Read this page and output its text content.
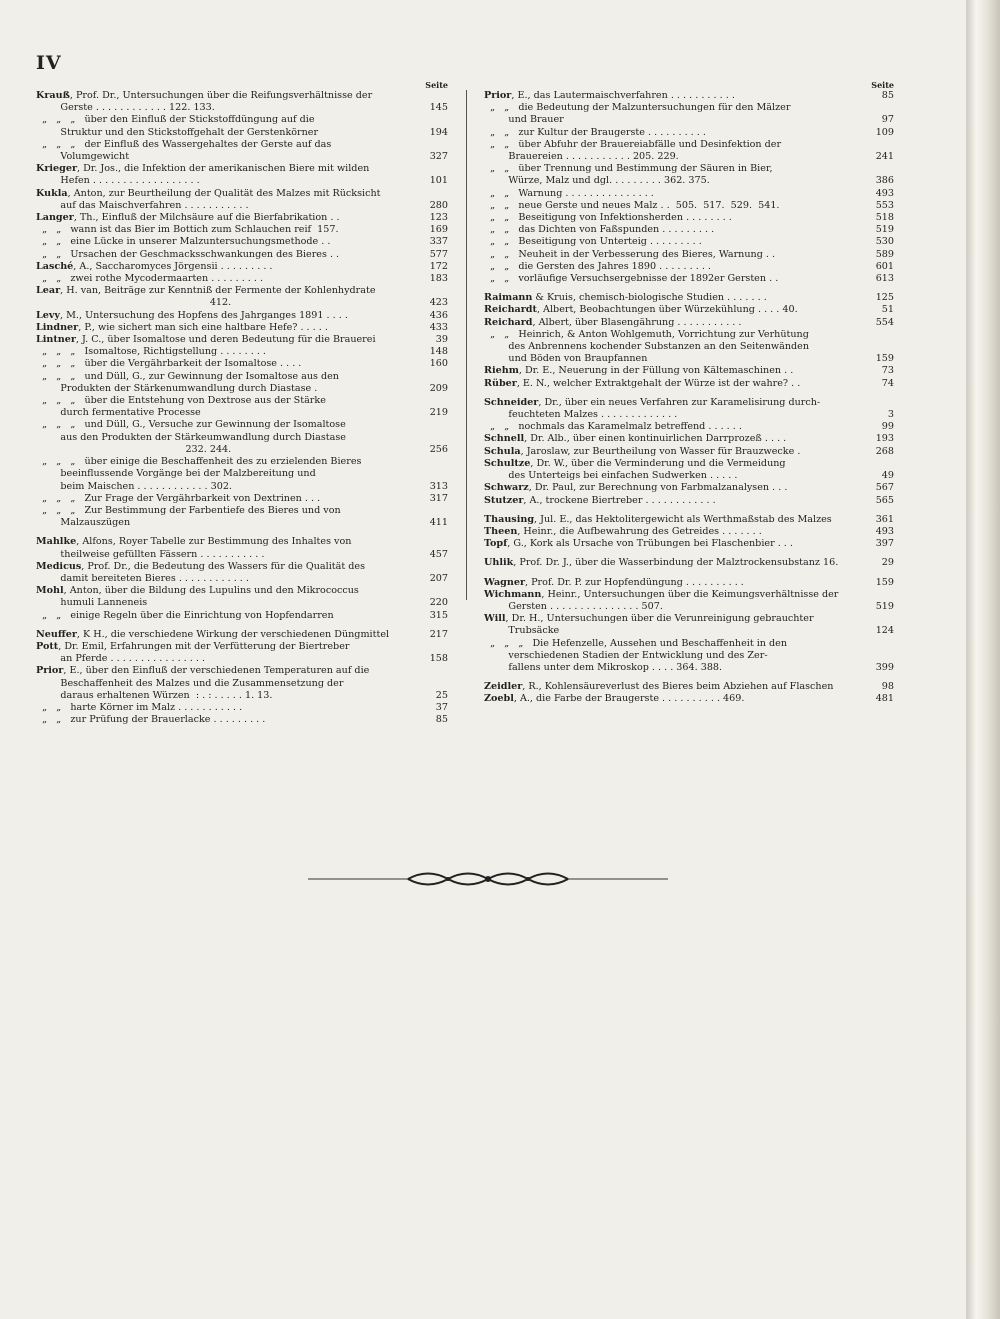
IV
Seite
Krauß, Prof. Dr., Untersuchungen über die Reifungsverhältnisse der
Gerste . . . . . . . . . . . . 122. 133.	145
„   „   „   über den Einfluß der Stickstoffdüngung auf die
Struktur und den Stickstoffgehalt der Gerstenkörner	194
„   „   „   der Einfluß des Wassergehaltes der Gerste auf das
Volumgewicht	327
Krieger, Dr. Jos., die Infektion der amerikanischen Biere mit wilden
Hefen . . . . . . . . . . . . . . . . . .	101
Kukla, Anton, zur Beurtheilung der Qualität des Malzes mit Rücksicht
auf das Maischverfahren . . . . . . . . . . .	280
Langer, Th., Einfluß der Milchsäure auf die Bierfabrikation . .	123
„   „   wann ist das Bier im Bottich zum Schlauchen reif  157.	169
„   „   eine Lücke in unserer Malzuntersuchungsmethode . .	337
„   „   Ursachen der Geschmacksschwankungen des Bieres . .	577
Lasché, A., Saccharomyces Jörgensii . . . . . . . . .	172
„   „   zwei rothe Mycodermaarten . . . . . . . . .	183
Lear, H. van, Beiträge zur Kenntniß der Fermente der Kohlenhydrate
412.	423
Levy, M., Untersuchung des Hopfens des Jahrganges 1891 . . . .	436
Lindner, P., wie sichert man sich eine haltbare Hefe? . . . . .	433
Lintner, J. C., über Isomaltose und deren Bedeutung für die Brauerei	39
„   „   „   Isomaltose, Richtigstellung . . . . . . . .	148
„   „   „   über die Vergährbarkeit der Isomaltose . . . .	160
„   „   „   und Düll, G., zur Gewinnung der Isomaltose aus den
Produkten der Stärkenumwandlung durch Diastase .	209
„   „   „   über die Entstehung von Dextrose aus der Stärke
durch fermentative Processe	219
„   „   „   und Düll, G., Versuche zur Gewinnung der Isomaltose
aus den Produkten der Stärkeumwandlung durch Diastase
232. 244.	256
„   „   „   über einige die Beschaffenheit des zu erzielenden Bieres
beeinflussende Vorgänge bei der Malzbereitung und
beim Maischen . . . . . . . . . . . . 302.	313
„   „   „   Zur Frage der Vergährbarkeit von Dextrinen . . .	317
„   „   „   Zur Bestimmung der Farbentiefe des Bieres und von
Malzauszügen	411
Mahlke, Alfons, Royer Tabelle zur Bestimmung des Inhaltes von
theilweise gefüllten Fässern . . . . . . . . . . .	457
Medicus, Prof. Dr., die Bedeutung des Wassers für die Qualität des
damit bereiteten Bieres . . . . . . . . . . . .	207
Mohl, Anton, über die Bildung des Lupulins und den Mikrococcus
humuli Lanneneis	220
„   „   einige Regeln über die Einrichtung von Hopfendarren	315
Neuffer, K H., die verschiedene Wirkung der verschiedenen Düngmittel	217
Pott, Dr. Emil, Erfahrungen mit der Verfütterung der Biertreber
an Pferde . . . . . . . . . . . . . . . .	158
Prior, E., über den Einfluß der verschiedenen Temperaturen auf die
Beschaffenheit des Malzes und die Zusammensetzung der
daraus erhaltenen Würzen  : . : . . . . . 1. 13.	25
„   „   harte Körner im Malz . . . . . . . . . . .	37
„   „   zur Prüfung der Brauerlacke . . . . . . . . .	85
Seite
Prior, E., das Lautermaischverfahren . . . . . . . . . . .	85
„   „   die Bedeutung der Malzuntersuchungen für den Mälzer
und Brauer	97
„   „   zur Kultur der Braugerste . . . . . . . . . .	109
„   „   über Abfuhr der Brauereiabfälle und Desinfektion der
Brauereien . . . . . . . . . . . 205. 229.	241
„   „   über Trennung und Bestimmung der Säuren in Bier,
Würze, Malz und dgl. . . . . . . . . 362. 375.	386
„   „   Warnung . . . . . . . . . . . . . . .	493
„   „   neue Gerste und neues Malz . .  505.  517.  529.  541.	553
„   „   Beseitigung von Infektionsherden . . . . . . . .	518
„   „   das Dichten von Faßspunden . . . . . . . . .	519
„   „   Beseitigung von Unterteig . . . . . . . . .	530
„   „   Neuheit in der Verbesserung des Bieres, Warnung . .	589
„   „   die Gersten des Jahres 1890 . . . . . . . . .	601
„   „   vorläufige Versuchsergebnisse der 1892er Gersten . .	613
Raimann & Kruis, chemisch-biologische Studien . . . . . . .	125
Reichardt, Albert, Beobachtungen über Würzekühlung . . . . 40.	51
Reichard, Albert, über Blasengährung . . . . . . . . . . .	554
„   „   Heinrich, & Anton Wohlgemuth, Vorrichtung zur Verhütung
des Anbrennens kochender Substanzen an den Seitenwänden
und Böden von Braupfannen	159
Riehm, Dr. E., Neuerung in der Füllung von Kältemaschinen . .	73
Rüber, E. N., welcher Extraktgehalt der Würze ist der wahre? . .	74
Schneider, Dr., über ein neues Verfahren zur Karamelisirung durch-
feuchteten Malzes . . . . . . . . . . . . .	3
„   „   nochmals das Karamelmalz betreffend . . . . . .	99
Schnell, Dr. Alb., über einen kontinuirlichen Darrprozeß . . . .	193
Schula, Jaroslaw, zur Beurtheilung von Wasser für Brauzwecke .	268
Schultze, Dr. W., über die Verminderung und die Vermeidung
des Unterteigs bei einfachen Sudwerken . . . . .	49
Schwarz, Dr. Paul, zur Berechnung von Farbmalzanalysen . . .	567
Stutzer, A., trockene Biertreber . . . . . . . . . . . .	565
Thausing, Jul. E., das Hektolitergewicht als Werthmaßstab des Malzes	361
Theen, Heinr., die Aufbewahrung des Getreides . . . . . . .	493
Topf, G., Kork als Ursache von Trübungen bei Flaschenbier . . .	397
Uhlik, Prof. Dr. J., über die Wasserbindung der Malztrockensubstanz 16.	29
Wagner, Prof. Dr. P. zur Hopfendüngung . . . . . . . . . .	159
Wichmann, Heinr., Untersuchungen über die Keimungsverhältnisse der
Gersten . . . . . . . . . . . . . . . 507.	519
Will, Dr. H., Untersuchungen über die Verunreinigung gebrauchter
Trubsäcke	124
„   „   „   Die Hefenzelle, Aussehen und Beschaffenheit in den
verschiedenen Stadien der Entwicklung und des Zer-
fallens unter dem Mikroskop . . . . 364. 388.	399
Zeidler, R., Kohlensäureverlust des Bieres beim Abziehen auf Flaschen	98
Zoebl, A., die Farbe der Braugerste . . . . . . . . . . 469.	481
